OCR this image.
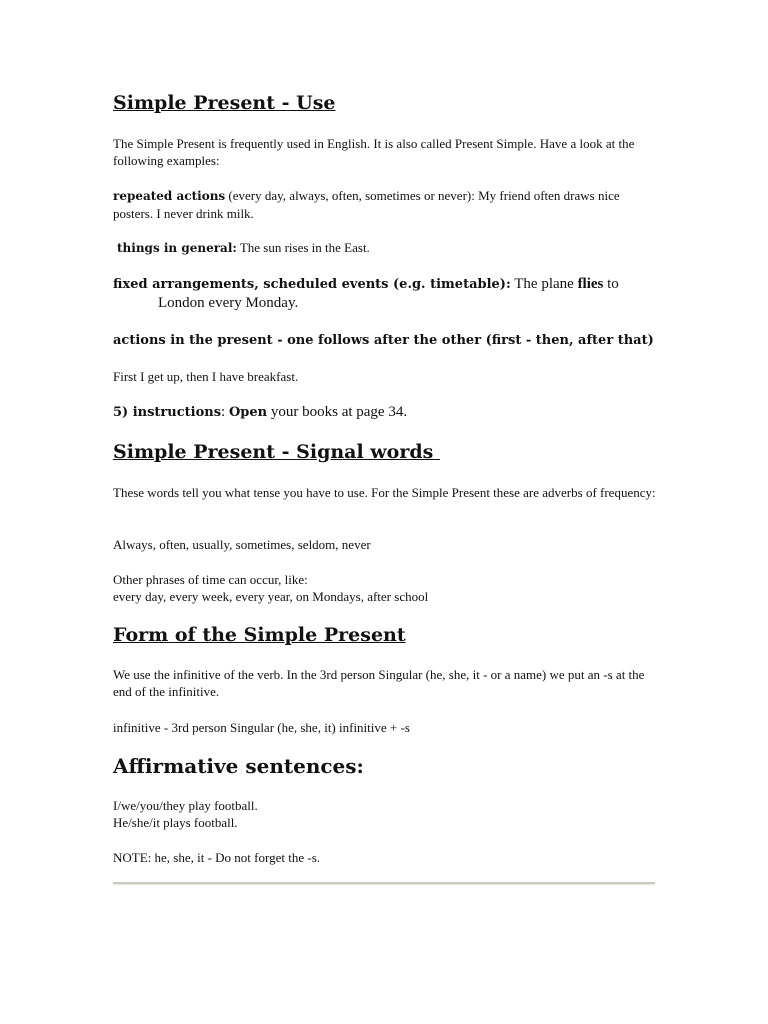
Simple Present - Use
The Simple Present is frequently used in English. It is also called Present Simple. Have a look at the following examples:
repeated actions (every day, always, often, sometimes or never): My friend often draws nice posters. I never drink milk.
things in general: The sun rises in the East.
fixed arrangements, scheduled events (e.g. timetable): The plane flies to
London every Monday.
actions in the present - one follows after the other (first - then, after that)
First I get up, then I have breakfast.
5) instructions: Open your books at page 34.
Simple Present - Signal words
These words tell you what tense you have to use. For the Simple Present these are adverbs of frequency:
Always, often, usually, sometimes, seldom, never
Other phrases of time can occur, like:
every day, every week, every year, on Mondays, after school
Form of the Simple Present
We use the infinitive of the verb. In the 3rd person Singular (he, she, it - or a name) we put an -s at the end of the infinitive.
infinitive - 3rd person Singular (he, she, it) infinitive + -s
Affirmative sentences:
I/we/you/they play football.
He/she/it plays football.
NOTE: he, she, it - Do not forget the -s.
